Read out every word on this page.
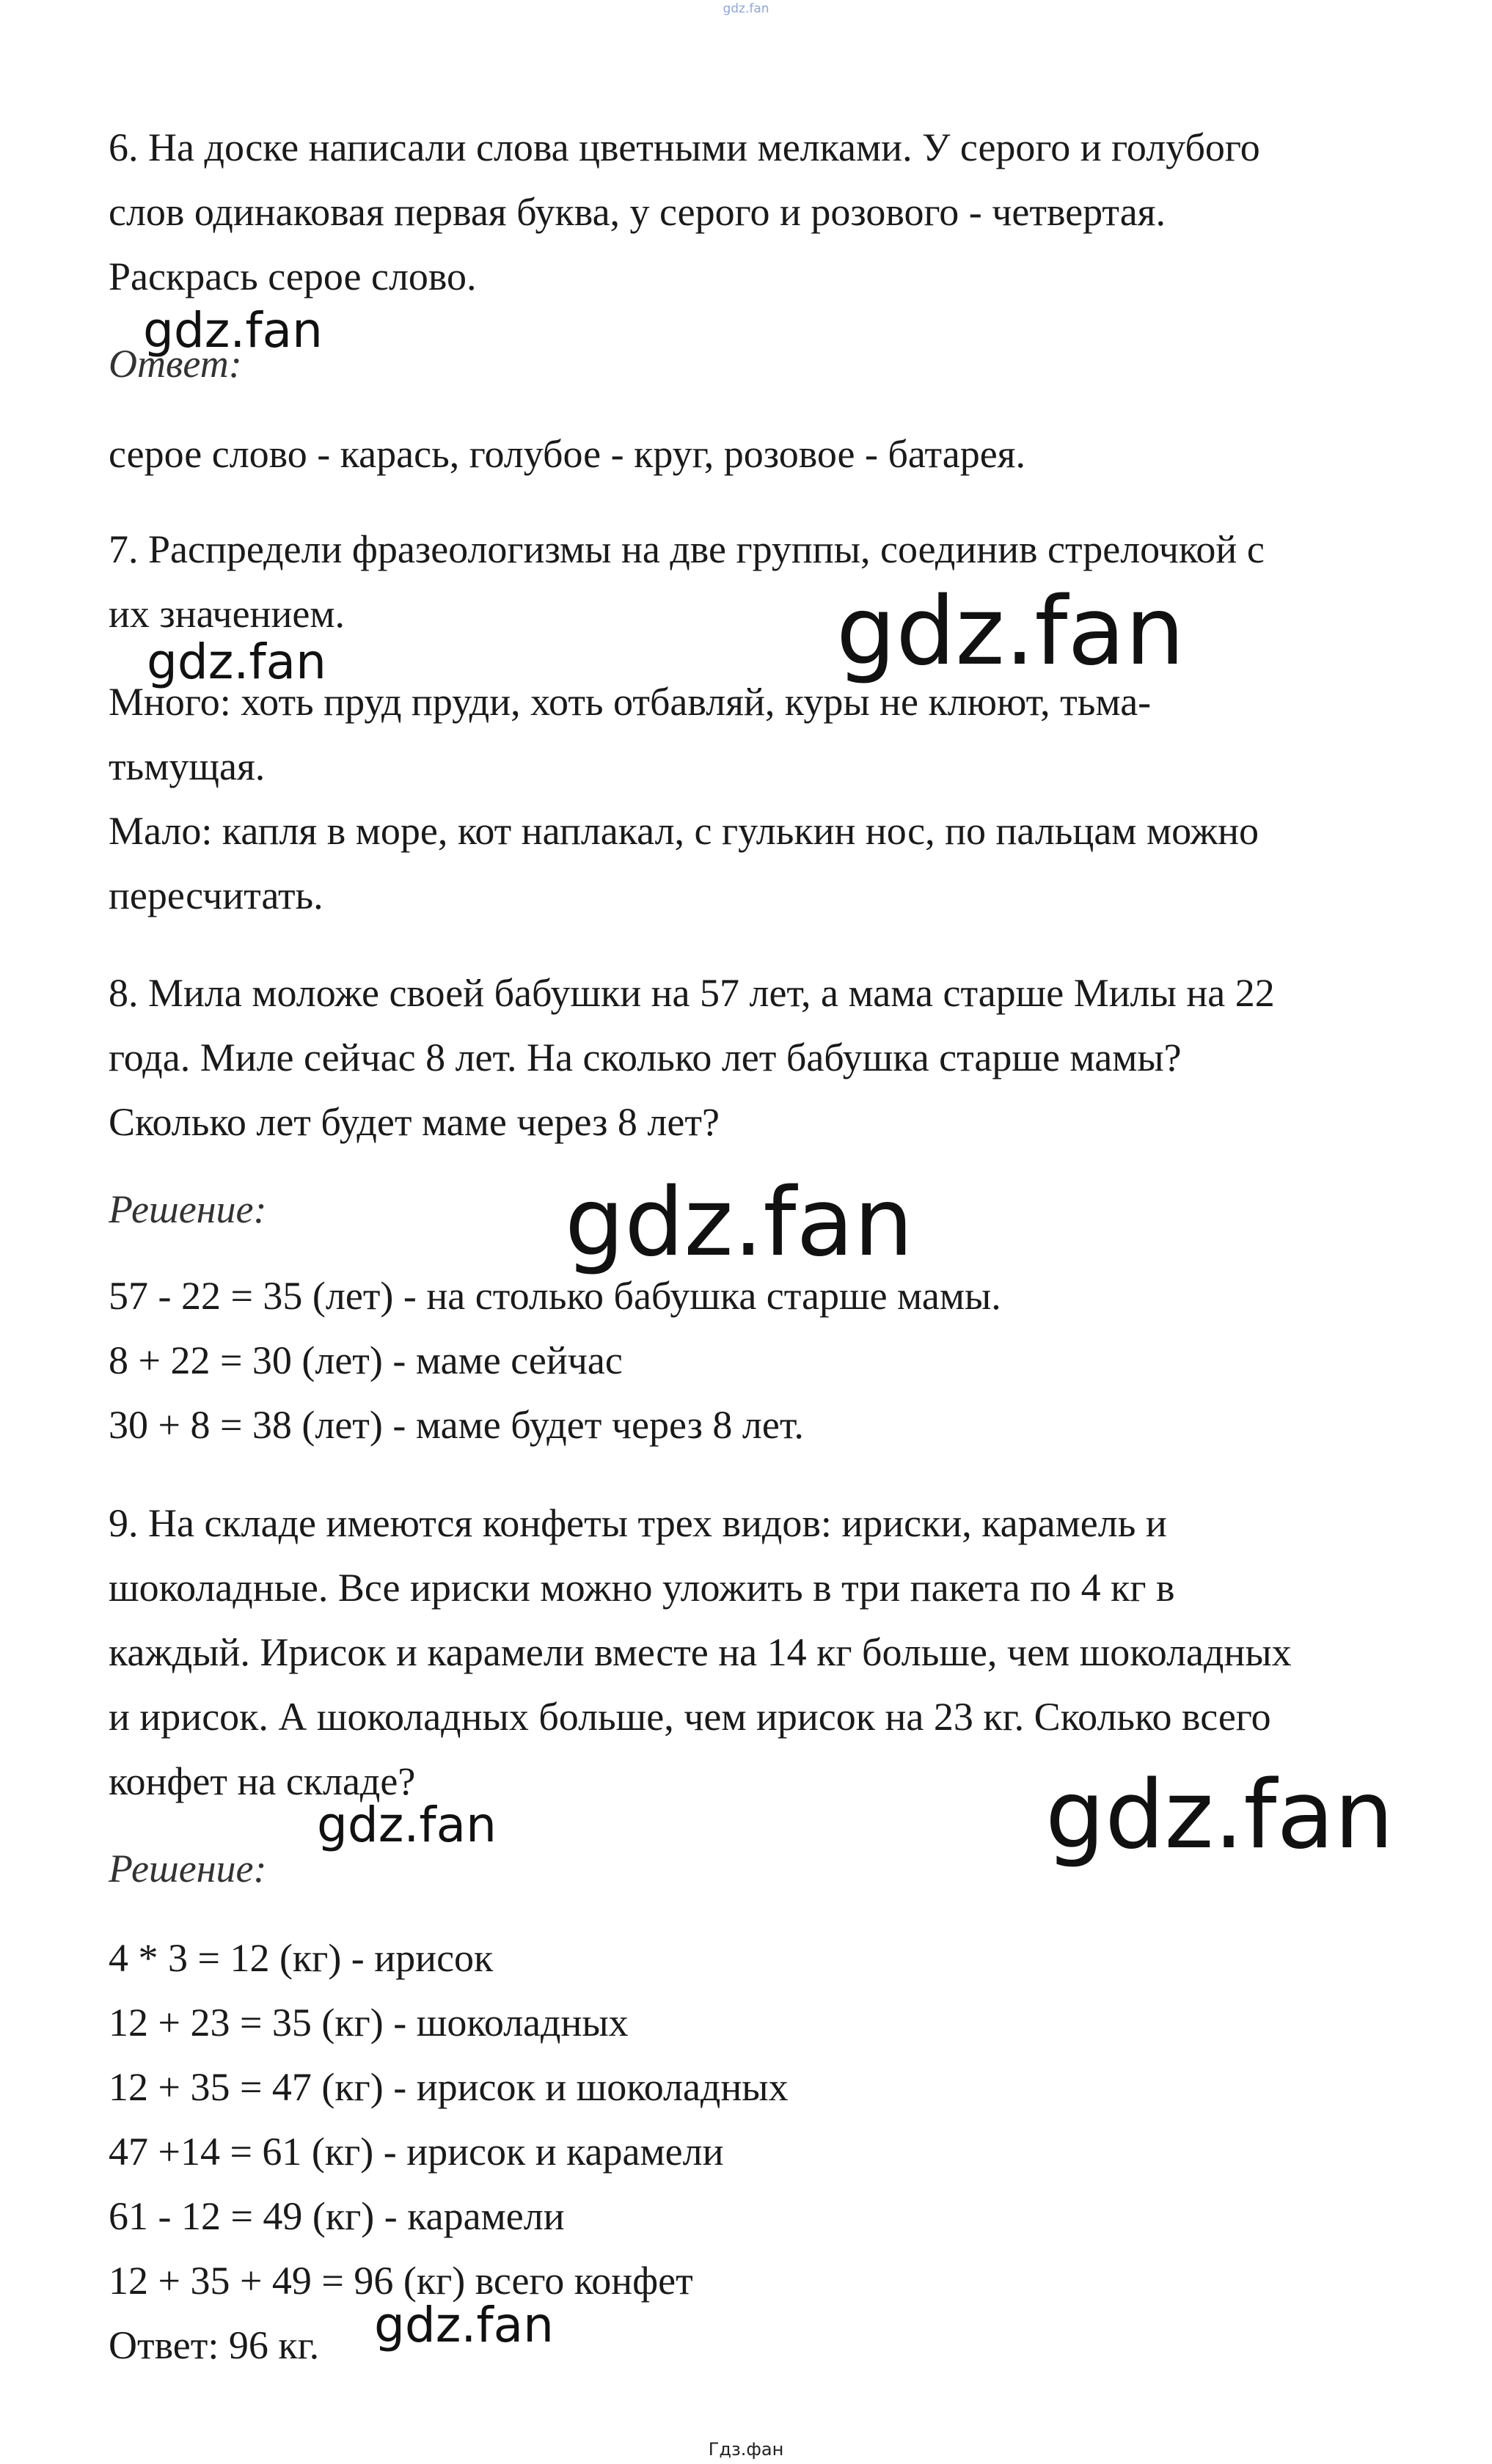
gdz.fan
6. На доске написали слова цветными мелками. У серого и голубого
слов одинаковая первая буква, у серого и розового - четвертая.
Раскрась серое слово.
Ответ:
серое слово - карась, голубое - круг, розовое - батарея.
7. Распредели фразеологизмы на две группы, соединив стрелочкой с
их значением.
Много: хоть пруд пруди, хоть отбавляй, куры не клюют, тьма-
тьмущая.
Мало: капля в море, кот наплакал, с гулькин нос, по пальцам можно
пересчитать.
8. Мила моложе своей бабушки на 57 лет, а мама старше Милы на 22
года. Миле сейчас 8 лет. На сколько лет бабушка старше мамы?
Сколько лет будет маме через 8 лет?
Решение:
57 - 22 = 35 (лет) - на столько бабушка старше мамы.
8 + 22 = 30 (лет) - маме сейчас
30 + 8 = 38 (лет) - маме будет через 8 лет.
9. На складе имеются конфеты трех видов: ириски, карамель и
шоколадные. Все ириски можно уложить в три пакета по 4 кг в
каждый. Ирисок и карамели вместе на 14 кг больше, чем шоколадных
и ирисок. А шоколадных больше, чем ирисок на 23 кг. Сколько всего
конфет на складе?
Решение:
4 * 3 = 12 (кг) - ирисок
12 + 23 = 35 (кг) - шоколадных
12 + 35 = 47 (кг) - ирисок и шоколадных
47 +14 = 61 (кг) - ирисок и карамели
61 - 12 = 49 (кг) - карамели
12 + 35 + 49 = 96 (кг) всего конфет
Ответ: 96 кг.
gdz.fan
gdz.fan	gdz.fan
gdz.fan
gdz.fan	gdz.fan
gdz.fan
Гдз.фан
